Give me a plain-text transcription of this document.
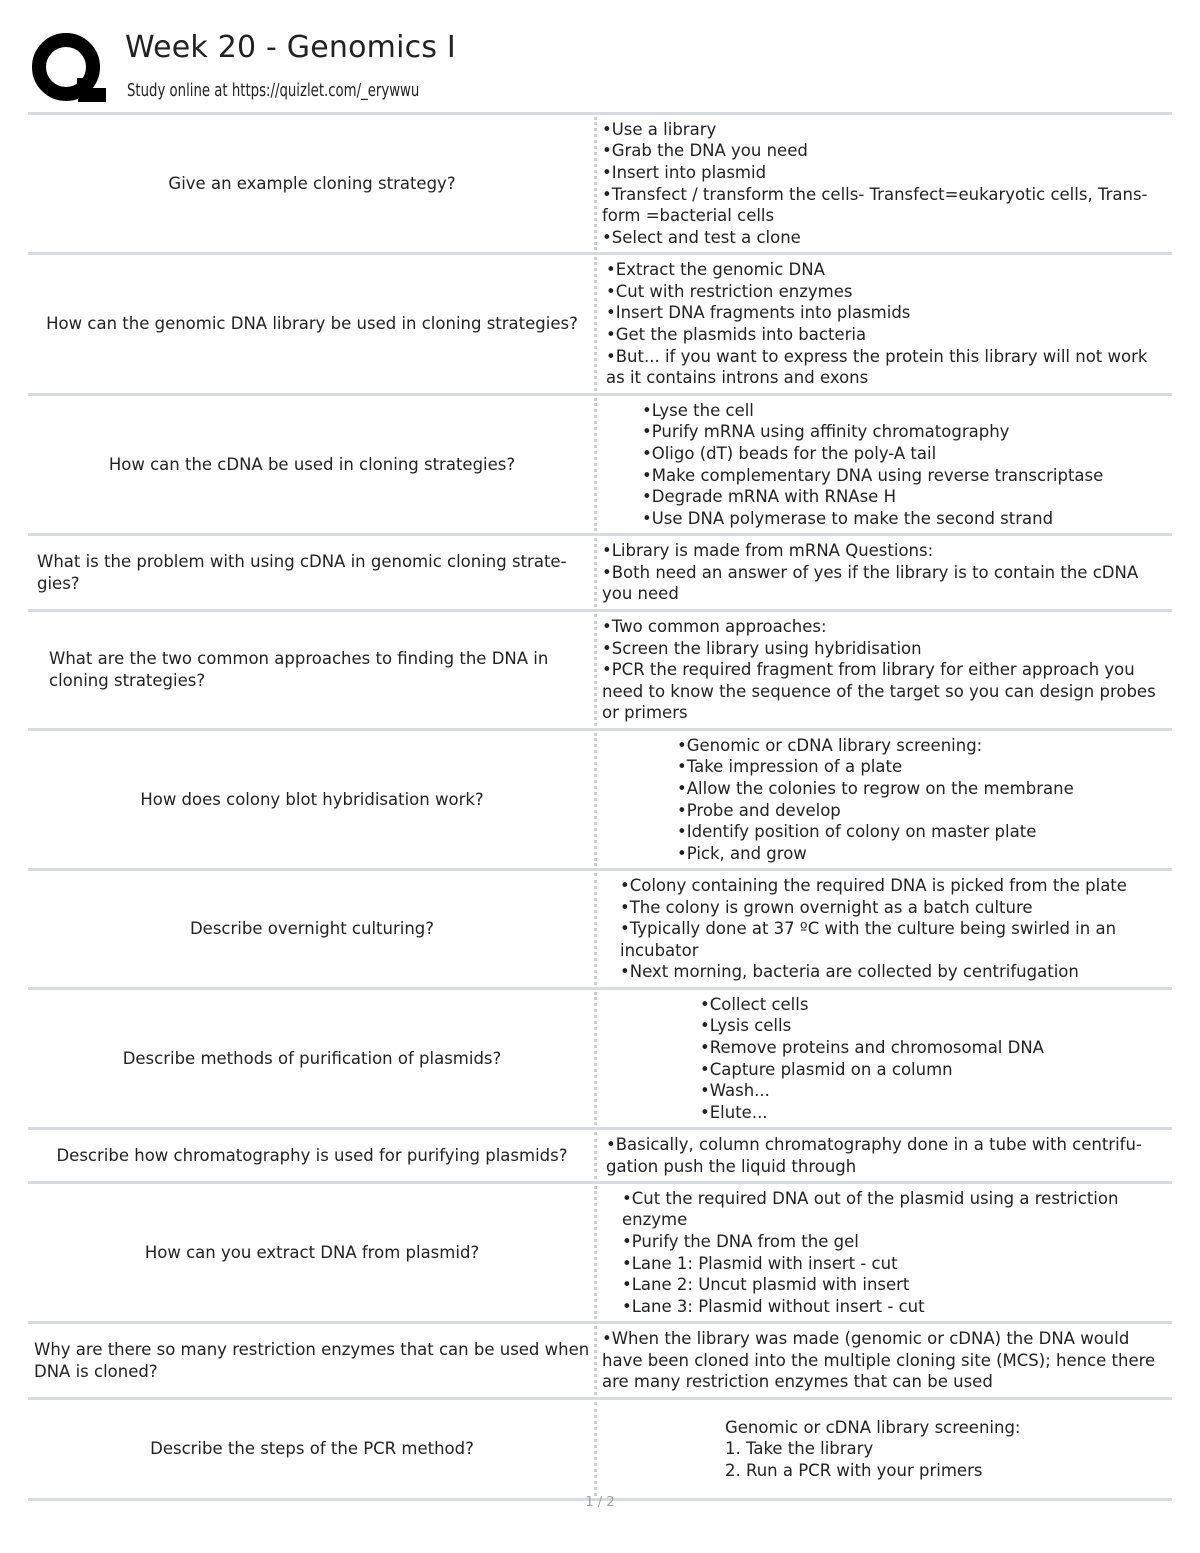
Week 20 - Genomics I
Study online at https://quizlet.com/_erywwu
Give an example cloning strategy?
•Use a library
•Grab the DNA you need
•Insert into plasmid
•Transfect / transform the cells- Transfect=eukaryotic cells, Trans-
form =bacterial cells
•Select and test a clone
How can the genomic DNA library be used in cloning strategies?
•Extract the genomic DNA
•Cut with restriction enzymes
•Insert DNA fragments into plasmids
•Get the plasmids into bacteria
•But... if you want to express the protein this library will not work
as it contains introns and exons
How can the cDNA be used in cloning strategies?
•Lyse the cell
•Purify mRNA using affinity chromatography
•Oligo (dT) beads for the poly-A tail
•Make complementary DNA using reverse transcriptase
•Degrade mRNA with RNAse H
•Use DNA polymerase to make the second strand
What is the problem with using cDNA in genomic cloning strate- gies?
•Library is made from mRNA Questions:
•Both need an answer of yes if the library is to contain the cDNA
you need
What are the two common approaches to finding the DNA in cloning strategies?
•Two common approaches:
•Screen the library using hybridisation
•PCR the required fragment from library for either approach you
need to know the sequence of the target so you can design probes
or primers
How does colony blot hybridisation work?
•Genomic or cDNA library screening:
•Take impression of a plate
•Allow the colonies to regrow on the membrane
•Probe and develop
•Identify position of colony on master plate
•Pick, and grow
Describe overnight culturing?
•Colony containing the required DNA is picked from the plate
•The colony is grown overnight as a batch culture
•Typically done at 37 ºC with the culture being swirled in an
incubator
•Next morning, bacteria are collected by centrifugation
Describe methods of purification of plasmids?
•Collect cells
•Lysis cells
•Remove proteins and chromosomal DNA
•Capture plasmid on a column
•Wash...
•Elute...
Describe how chromatography is used for purifying plasmids?
•Basically, column chromatography done in a tube with centrifu-
gation push the liquid through
How can you extract DNA from plasmid?
•Cut the required DNA out of the plasmid using a restriction
enzyme
•Purify the DNA from the gel
•Lane 1: Plasmid with insert - cut
•Lane 2: Uncut plasmid with insert
•Lane 3: Plasmid without insert - cut
Why are there so many restriction enzymes that can be used when DNA is cloned?
•When the library was made (genomic or cDNA) the DNA would
have been cloned into the multiple cloning site (MCS); hence there
are many restriction enzymes that can be used
Describe the steps of the PCR method?
Genomic or cDNA library screening:
1. Take the library
2. Run a PCR with your primers
1 / 2
